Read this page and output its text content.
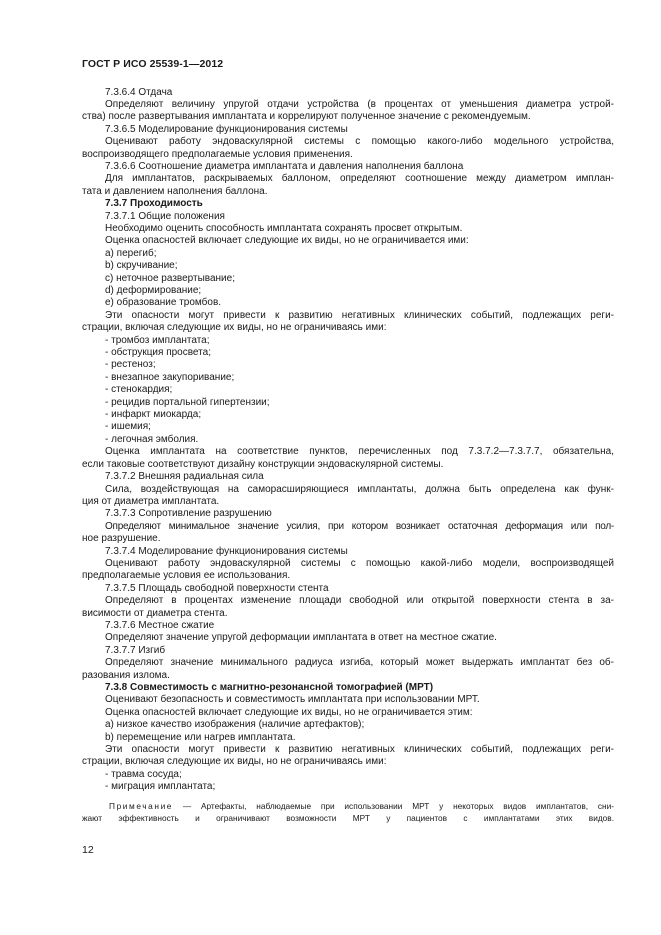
ГОСТ Р ИСО 25539-1—2012
7.3.6.4 Отдача
Определяют величину упругой отдачи устройства (в процентах от уменьшения диаметра устрой-
ства) после развертывания имплантата и коррелируют полученное значение с рекомендуемым.
7.3.6.5 Моделирование функционирования системы
Оценивают работу эндоваскулярной системы с помощью какого-либо модельного устройства,
воспроизводящего предполагаемые условия применения.
7.3.6.6 Соотношение диаметра имплантата и давления наполнения баллона
Для имплантатов, раскрываемых баллоном, определяют соотношение между диаметром имплан-
тата и давлением наполнения баллона.
7.3.7 Проходимость
7.3.7.1 Общие положения
Необходимо оценить способность имплантата сохранять просвет открытым.
Оценка опасностей включает следующие их виды, но не ограничивается ими:
a) перегиб;
b) скручивание;
c) неточное развертывание;
d) деформирование;
e) образование тромбов.
Эти опасности могут привести к развитию негативных клинических событий, подлежащих реги-
страции, включая следующие их виды, но не ограничиваясь ими:
- тромбоз имплантата;
- обструкция просвета;
- рестеноз;
- внезапное закупоривание;
- стенокардия;
- рецидив портальной гипертензии;
- инфаркт миокарда;
- ишемия;
- легочная эмболия.
Оценка имплантата на соответствие пунктов, перечисленных под 7.3.7.2—7.3.7.7, обязательна,
если таковые соответствуют дизайну конструкции эндоваскулярной системы.
7.3.7.2 Внешняя радиальная сила
Сила, воздействующая на саморасширяющиеся имплантаты, должна быть определена как функ-
ция от диаметра имплантата.
7.3.7.3 Сопротивление разрушению
Определяют минимальное значение усилия, при котором возникает остаточная деформация или пол-
ное разрушение.
7.3.7.4 Моделирование функционирования системы
Оценивают работу эндоваскулярной системы с помощью какой-либо модели, воспроизводящей
предполагаемые условия ее использования.
7.3.7.5 Площадь свободной поверхности стента
Определяют в процентах изменение площади свободной или открытой поверхности стента в за-
висимости от диаметра стента.
7.3.7.6 Местное сжатие
Определяют значение упругой деформации имплантата в ответ на местное сжатие.
7.3.7.7 Изгиб
Определяют значение минимального радиуса изгиба, который может выдержать имплантат без об-
разования излома.
7.3.8 Совместимость с магнитно-резонансной томографией (МРТ)
Оценивают безопасность и совместимость имплантата при использовании МРТ.
Оценка опасностей включает следующие их виды, но не ограничивается этим:
a) низкое качество изображения (наличие артефактов);
b) перемещение или нагрев имплантата.
Эти опасности могут привести к развитию негативных клинических событий, подлежащих реги-
страции, включая следующие их виды, но не ограничиваясь ими:
- травма сосуда;
- миграция имплантата;
Примечание — Артефакты, наблюдаемые при использовании МРТ у некоторых видов имплантатов, сни-
жают эффективность и ограничивают возможности МРТ у пациентов с имплантатами этих видов.
12
